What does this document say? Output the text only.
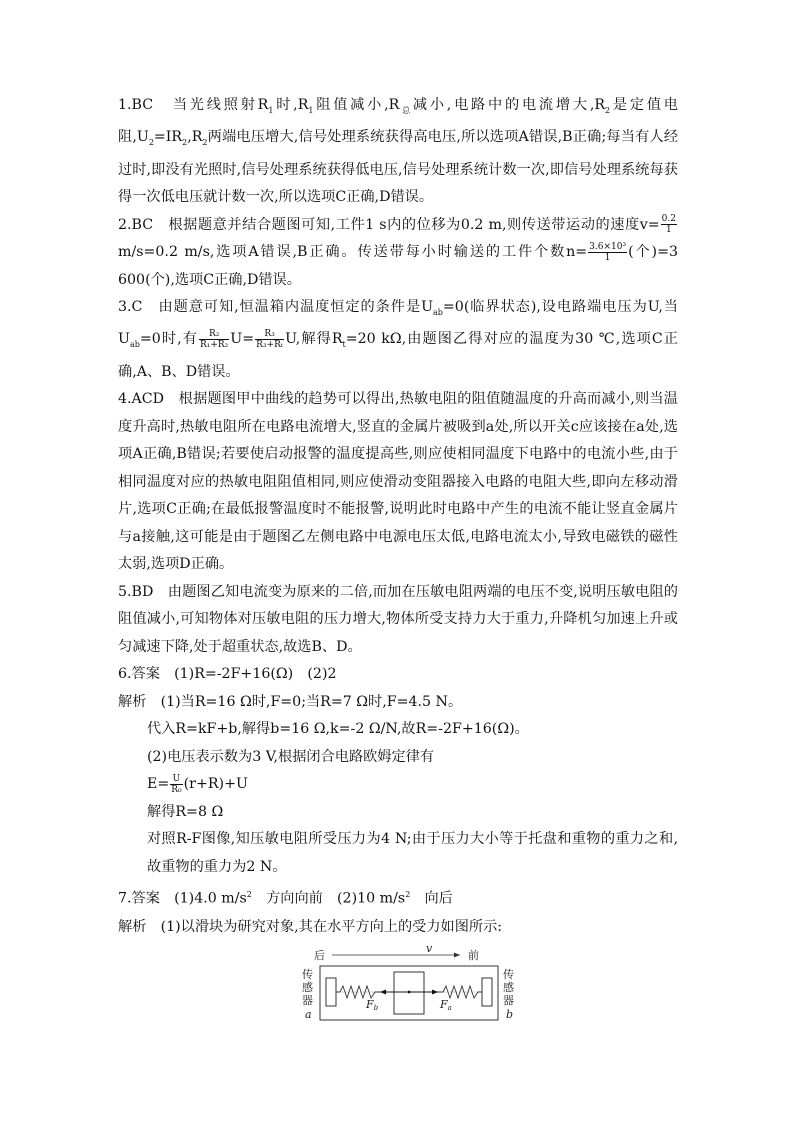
1.BC　当光线照射$R_1$时$,R_1$阻值减小$,R_总$减小,电路中的电流增大$,R_2$是定值电阻$,U_2=IR_2,R_2$两端电压增大,信号处理系统获得高电压,所以选项A错误,B正确;每当有人经过时,即没有光照时,信号处理系统获得低电压,信号处理系统计数一次,即信号处理系统每获得一次低电压就计数一次,所以选项C正确,D错误。

2.BC　根据题意并结合题图可知,工件1 s内的位移为0.2 m,则传送带运动的速度$v= \frac{0.2}{1}$
m/s=0.2 m/s,选项A错误,B正确。传送带每小时输送的工件个数$n= \frac{\text{3.6×10³}}{1}$ (个)=3 600(个),选项C正确,D错误。

3.C　由题意可知,恒温箱内温度恒定的条件是$U_{ab}=0$(临界状态),设电路端电压为U,当$U_{ab}=0$时,有 $\frac{\text{R₂}}{\text{R₁+R₂}} U= \frac{\text{R₃}}{\text{R₃+Rₜ}} U$,解得$R_t=20$ kΩ,由题图乙得对应的温度为30 ℃,选项C正确,A、B、D错误。

4.ACD　根据题图甲中曲线的趋势可以得出,热敏电阻的阻值随温度的升高而减小,则当温度升高时,热敏电阻所在电路电流增大,竖直的金属片被吸到a处,所以开关c应该接在a处,选项A正确,B错误;若要使启动报警的温度提高些,则应使相同温度下电路中的电流小些,由于相同温度对应的热敏电阻阻值相同,则应使滑动变阻器接入电路的电阻大些,即向左移动滑片,选项C正确;在最低报警温度时不能报警,说明此时电路中产生的电流不能让竖直金属片与a接触,这可能是由于题图乙左侧电路中电源电压太低,电路电流太小,导致电磁铁的磁性太弱,选项D正确。

5.BD　由题图乙知电流变为原来的二倍,而加在压敏电阻两端的电压不变,说明压敏电阻的阻值减小,可知物体对压敏电阻的压力增大,物体所受支持力大于重力,升降机匀加速上升或匀减速下降,处于超重状态,故选B、D。

6.答案　(1)R=-2F+16(Ω)　(2)2

解析　(1)当R=16 Ω时,F=0;当R=7 Ω时,F=4.5 N。

代入R=kF+b,解得b=16 Ω,k=-2 Ω/N,故R=-2F+16(Ω)。

(2)电压表示数为3 V,根据闭合电路欧姆定律有

$E= \frac{U}{\text{R₀}} (r+R)+U$

解得R=8 Ω

对照R-F图像,知压敏电阻所受压力为4 N;由于压力大小等于托盘和重物的重力之和,故重物的重力为2 N。

7.答案　(1)4.0 $m/s^2$　方向向前　(2)10 $m/s^2$　向后

解析　(1)以滑块为研究对象,其在水平方向上的受力如图所示:

后	前
v
传
感
器
a
传
感
器
b
Fb	Fa
